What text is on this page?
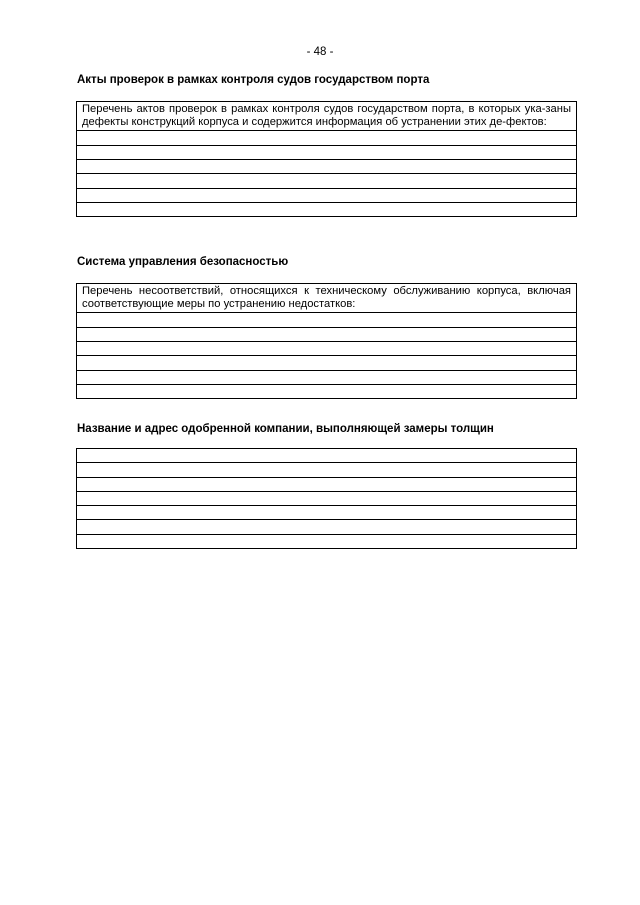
- 48 -
Акты проверок в рамках контроля судов государством порта
Перечень актов проверок в рамках контроля судов государством порта, в которых ука-заны дефекты конструкций корпуса и содержится информация об устранении этих де-фектов:
Система управления безопасностью
Перечень несоответствий, относящихся к техническому обслуживанию корпуса, включая соответствующие меры по устранению недостатков:
Название и адрес одобренной компании, выполняющей замеры толщин
